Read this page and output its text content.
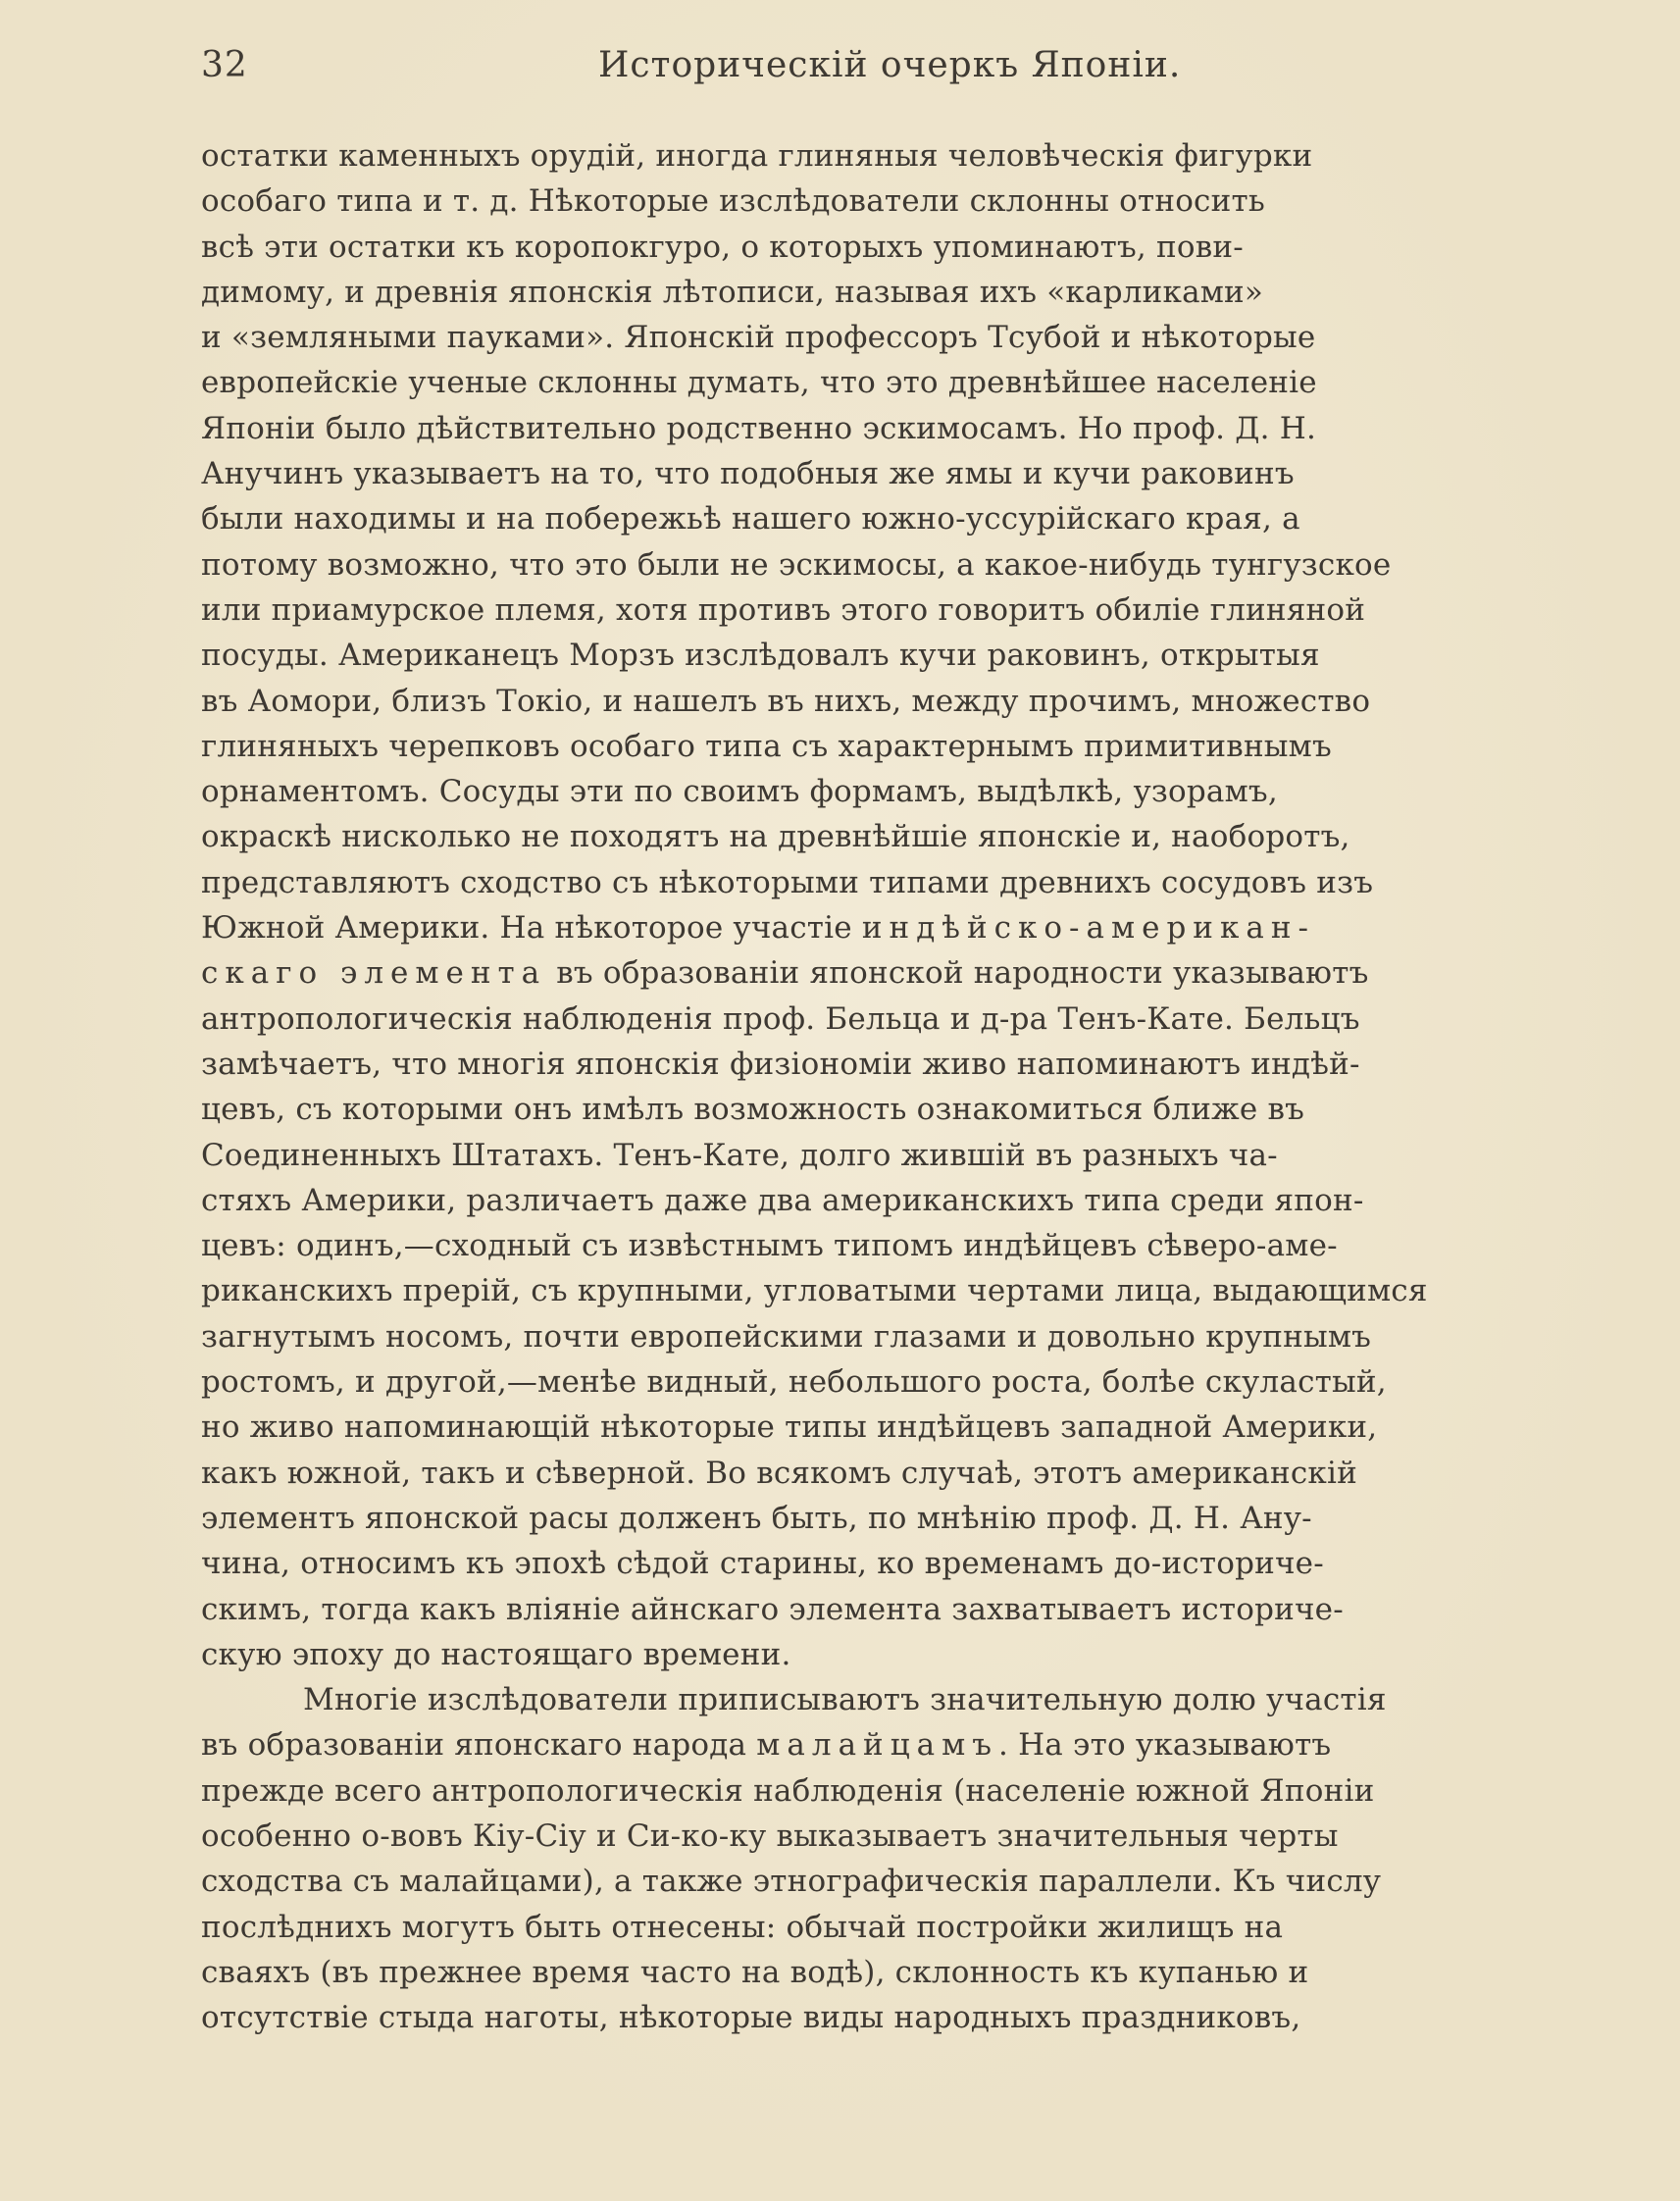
32	Историческiй очеркъ Японiи.
остатки каменныхъ орудiй, иногда глиняныя человѣческiя фигурки
особаго типа и т. д. Нѣкоторые изслѣдователи склонны относить
всѣ эти остатки къ коропокгуро, о которыхъ упоминаютъ, пови-
димому, и древнiя японскiя лѣтописи, называя ихъ «карликами»
и «земляными пауками». Японскiй профессоръ Тсубой и нѣкоторые
европейскiе ученые склонны думать, что это древнѣйшее населенiе
Японiи было дѣйствительно родственно эскимосамъ. Но проф. Д. Н.
Анучинъ указываетъ на то, что подобныя же ямы и кучи раковинъ
были находимы и на побережьѣ нашего южно-уссурiйскаго края, а
потому возможно, что это были не эскимосы, а какое-нибудь тунгузское
или приамурское племя, хотя противъ этого говоритъ обилiе глиняной
посуды. Американецъ Морзъ изслѣдовалъ кучи раковинъ, открытыя
въ Аомори, близъ Токiо, и нашелъ въ нихъ, между прочимъ, множество
глиняныхъ черепковъ особаго типа съ характернымъ примитивнымъ
орнаментомъ. Сосуды эти по своимъ формамъ, выдѣлкѣ, узорамъ,
окраскѣ нисколько не походятъ на древнѣйшiе японскiе и, наоборотъ,
представляютъ сходство съ нѣкоторыми типами древнихъ сосудовъ изъ
Южной Америки. На нѣкоторое участiе индѣйско-американ-
скаго элемента въ образованiи японской народности указываютъ
антропологическiя наблюденiя проф. Бельца и д-ра Тенъ-Кате. Бельцъ
замѣчаетъ, что многiя японскiя физiономiи живо напоминаютъ индѣй-
цевъ, съ которыми онъ имѣлъ возможность ознакомиться ближе въ
Соединенныхъ Штатахъ. Тенъ-Кате, долго жившiй въ разныхъ ча-
стяхъ Америки, различаетъ даже два американскихъ типа среди япон-
цевъ: одинъ,—сходный съ извѣстнымъ типомъ индѣйцевъ сѣверо-аме-
риканскихъ прерiй, съ крупными, угловатыми чертами лица, выдающимся
загнутымъ носомъ, почти европейскими глазами и довольно крупнымъ
ростомъ, и другой,—менѣе видный, небольшого роста, болѣе скуластый,
но живо напоминающiй нѣкоторые типы индѣйцевъ западной Америки,
какъ южной, такъ и сѣверной. Во всякомъ случаѣ, этотъ американскiй
элементъ японской расы долженъ быть, по мнѣнiю проф. Д. Н. Ану-
чина, относимъ къ эпохѣ сѣдой старины, ко временамъ до-историче-
скимъ, тогда какъ влiянiе айнскаго элемента захватываетъ историче-
скую эпоху до настоящаго времени.
Многiе изслѣдователи приписываютъ значительную долю участiя
въ образованiи японскаго народа малайцамъ. На это указываютъ
прежде всего антропологическiя наблюденiя (населенiе южной Японiи
особенно о-вовъ Кiу-Сiу и Си-ко-ку выказываетъ значительныя черты
сходства съ малайцами), а также этнографическiя параллели. Къ числу
послѣднихъ могутъ быть отнесены: обычай постройки жилищъ на
сваяхъ (въ прежнее время часто на водѣ), склонность къ купанью и
отсутствiе стыда наготы, нѣкоторые виды народныхъ праздниковъ,
